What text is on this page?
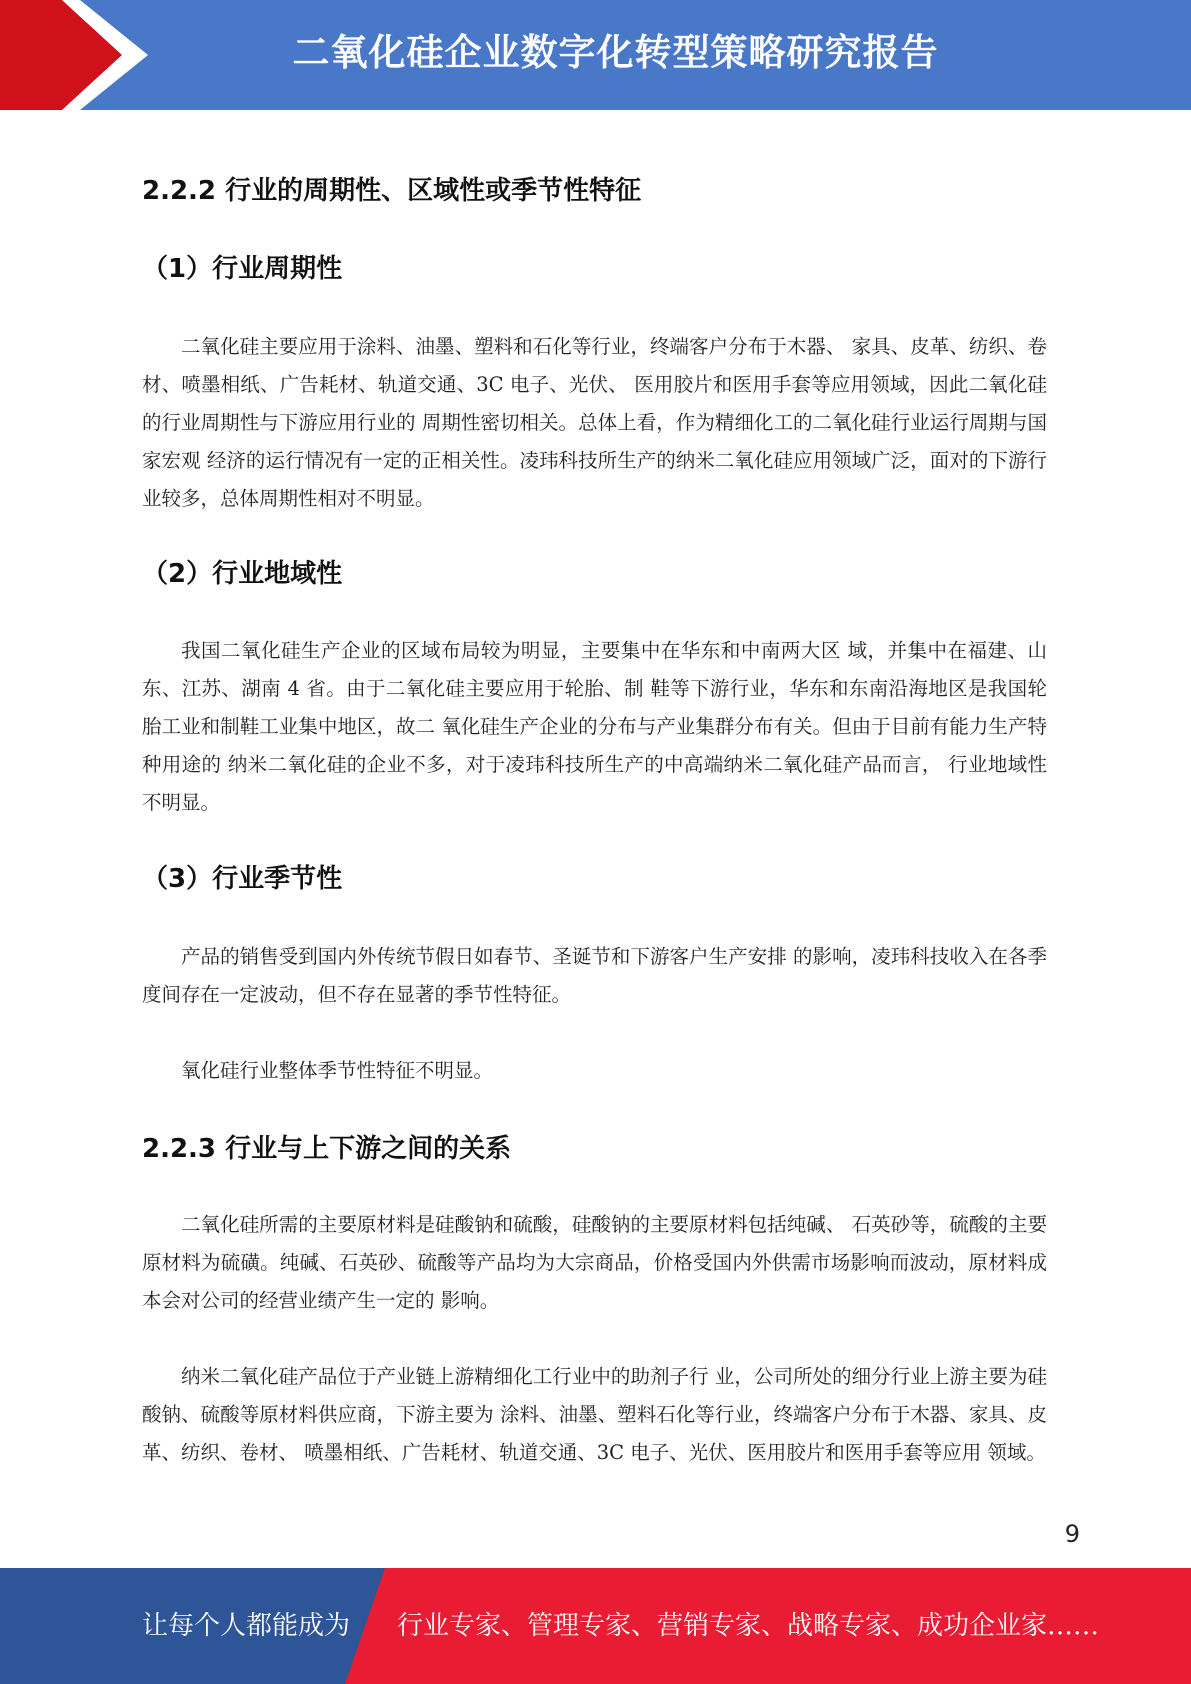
二氧化硅企业数字化转型策略研究报告
2.2.2 行业的周期性、区域性或季节性特征
（1）行业周期性
二氧化硅主要应用于涂料、油墨、塑料和石化等行业，终端客户分布于木器、 家具、皮革、纺织、卷材、喷墨相纸、广告耗材、轨道交通、3C 电子、光伏、 医用胶片和医用手套等应用领域，因此二氧化硅的行业周期性与下游应用行业的 周期性密切相关。总体上看，作为精细化工的二氧化硅行业运行周期与国家宏观 经济的运行情况有一定的正相关性。凌玮科技所生产的纳米二氧化硅应用领域广泛，面对的下游行业较多，总体周期性相对不明显。
（2）行业地域性
我国二氧化硅生产企业的区域布局较为明显，主要集中在华东和中南两大区 域，并集中在福建、山东、江苏、湖南 4 省。由于二氧化硅主要应用于轮胎、制 鞋等下游行业，华东和东南沿海地区是我国轮胎工业和制鞋工业集中地区，故二 氧化硅生产企业的分布与产业集群分布有关。但由于目前有能力生产特种用途的 纳米二氧化硅的企业不多，对于凌玮科技所生产的中高端纳米二氧化硅产品而言， 行业地域性不明显。
（3）行业季节性
产品的销售受到国内外传统节假日如春节、圣诞节和下游客户生产安排 的影响，凌玮科技收入在各季度间存在一定波动，但不存在显著的季节性特征。
氧化硅行业整体季节性特征不明显。
2.2.3 行业与上下游之间的关系
二氧化硅所需的主要原材料是硅酸钠和硫酸，硅酸钠的主要原材料包括纯碱、 石英砂等，硫酸的主要原材料为硫磺。纯碱、石英砂、硫酸等产品均为大宗商品，价格受国内外供需市场影响而波动，原材料成本会对公司的经营业绩产生一定的 影响。
纳米二氧化硅产品位于产业链上游精细化工行业中的助剂子行 业，公司所处的细分行业上游主要为硅酸钠、硫酸等原材料供应商，下游主要为 涂料、油墨、塑料石化等行业，终端客户分布于木器、家具、皮革、纺织、卷材、 喷墨相纸、广告耗材、轨道交通、3C 电子、光伏、医用胶片和医用手套等应用 领域。
9
让每个人都能成为 行业专家、管理专家、营销专家、战略专家、成功企业家……
